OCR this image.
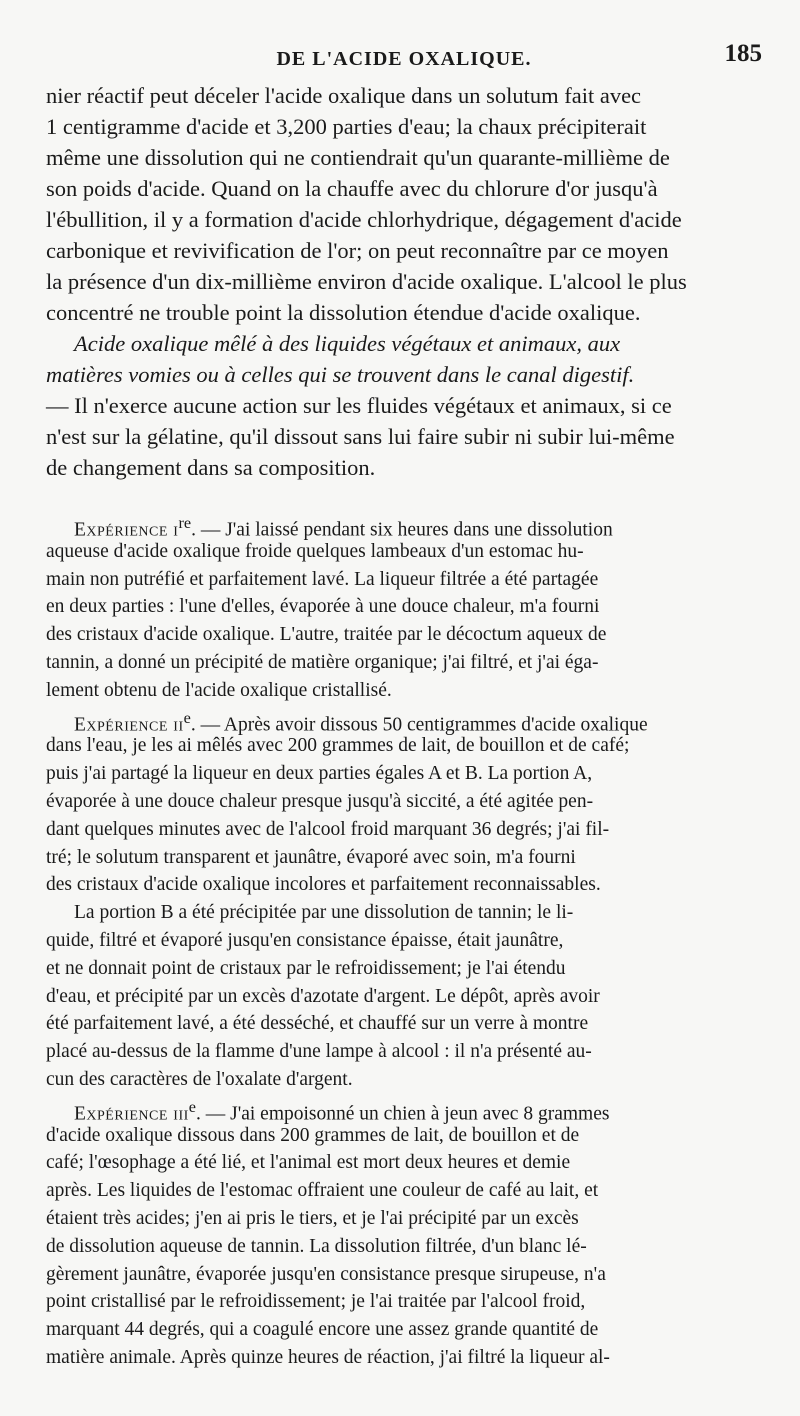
DE L'ACIDE OXALIQUE.	185
nier réactif peut déceler l'acide oxalique dans un solutum fait avec
1 centigramme d'acide et 3,200 parties d'eau; la chaux précipiterait
même une dissolution qui ne contiendrait qu'un quarante-millième de
son poids d'acide. Quand on la chauffe avec du chlorure d'or jusqu'à
l'ébullition, il y a formation d'acide chlorhydrique, dégagement d'acide
carbonique et revivification de l'or; on peut reconnaître par ce moyen
la présence d'un dix-millième environ d'acide oxalique. L'alcool le plus
concentré ne trouble point la dissolution étendue d'acide oxalique.
Acide oxalique mêlé à des liquides végétaux et animaux, aux
matières vomies ou à celles qui se trouvent dans le canal digestif.
— Il n'exerce aucune action sur les fluides végétaux et animaux, si ce
n'est sur la gélatine, qu'il dissout sans lui faire subir ni subir lui-même
de changement dans sa composition.
Expérience $i^{re}$. — J'ai laissé pendant six heures dans une dissolution
aqueuse d'acide oxalique froide quelques lambeaux d'un estomac hu-
main non putréfié et parfaitement lavé. La liqueur filtrée a été partagée
en deux parties : l'une d'elles, évaporée à une douce chaleur, m'a fourni
des cristaux d'acide oxalique. L'autre, traitée par le décoctum aqueux de
tannin, a donné un précipité de matière organique; j'ai filtré, et j'ai éga-
lement obtenu de l'acide oxalique cristallisé.
Expérience $ii^e$. — Après avoir dissous 50 centigrammes d'acide oxalique
dans l'eau, je les ai mêlés avec 200 grammes de lait, de bouillon et de café;
puis j'ai partagé la liqueur en deux parties égales A et B. La portion A,
évaporée à une douce chaleur presque jusqu'à siccité, a été agitée pen-
dant quelques minutes avec de l'alcool froid marquant 36 degrés; j'ai fil-
tré; le solutum transparent et jaunâtre, évaporé avec soin, m'a fourni
des cristaux d'acide oxalique incolores et parfaitement reconnaissables.
La portion B a été précipitée par une dissolution de tannin; le li-
quide, filtré et évaporé jusqu'en consistance épaisse, était jaunâtre,
et ne donnait point de cristaux par le refroidissement; je l'ai étendu
d'eau, et précipité par un excès d'azotate d'argent. Le dépôt, après avoir
été parfaitement lavé, a été desséché, et chauffé sur un verre à montre
placé au-dessus de la flamme d'une lampe à alcool : il n'a présenté au-
cun des caractères de l'oxalate d'argent.
Expérience iii$^e$. — J'ai empoisonné un chien à jeun avec 8 grammes
d'acide oxalique dissous dans 200 grammes de lait, de bouillon et de
café; l'œsophage a été lié, et l'animal est mort deux heures et demie
après. Les liquides de l'estomac offraient une couleur de café au lait, et
étaient très acides; j'en ai pris le tiers, et je l'ai précipité par un excès
de dissolution aqueuse de tannin. La dissolution filtrée, d'un blanc lé-
gèrement jaunâtre, évaporée jusqu'en consistance presque sirupeuse, n'a
point cristallisé par le refroidissement; je l'ai traitée par l'alcool froid,
marquant 44 degrés, qui a coagulé encore une assez grande quantité de
matière animale. Après quinze heures de réaction, j'ai filtré la liqueur al-
